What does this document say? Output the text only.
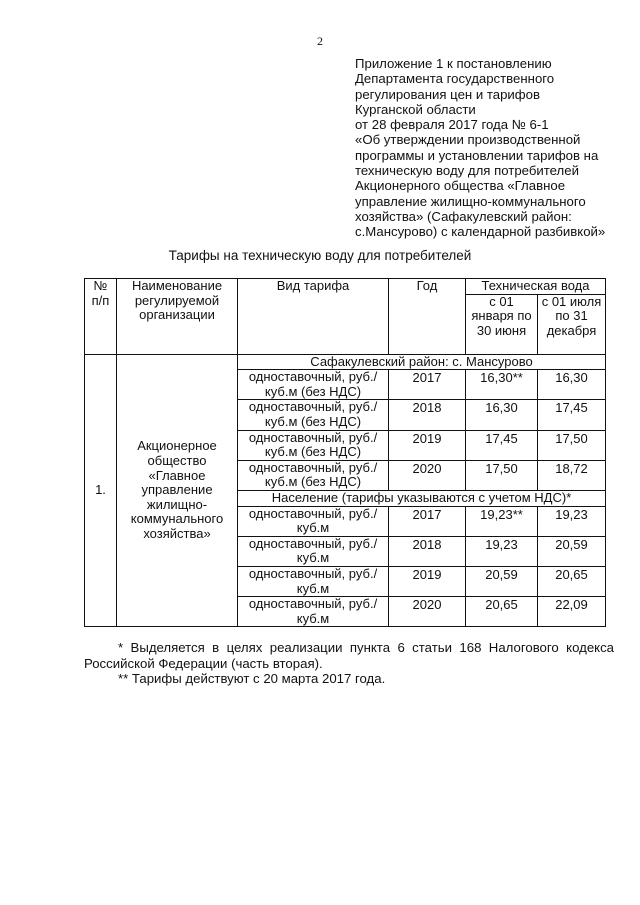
2
Приложение 1 к постановлению
Департамента государственного
регулирования цен и тарифов
Курганской области
от 28 февраля 2017 года № 6-1
«Об утверждении производственной
программы и установлении тарифов на
техническую воду для потребителей
Акционерного общества «Главное
управление жилищно-коммунального
хозяйства» (Сафакулевский район:
с.Мансурово) с календарной разбивкой»
Тарифы на техническую воду для потребителей
№ п/п	Наименование регулируемой организации	Вид тарифа	Год	Техническая вода	
				с 01 января по 30 июня	с 01 июля по 31 декабря
1.	Акционерное общество «Главное управление жилищно-коммунального хозяйства»	Сафакулевский район: с. Мансурово			
		одноставочный, руб./куб.м (без НДС)	2017	16,30**	16,30
		одноставочный, руб./куб.м (без НДС)	2018	16,30	17,45
		одноставочный, руб./куб.м (без НДС)	2019	17,45	17,50
		одноставочный, руб./куб.м (без НДС)	2020	17,50	18,72
		Население (тарифы указываются с учетом НДС)*			
		одноставочный, руб./куб.м	2017	19,23**	19,23
		одноставочный, руб./куб.м	2018	19,23	20,59
		одноставочный, руб./куб.м	2019	20,59	20,65
		одноставочный, руб./куб.м	2020	20,65	22,09

* Выделяется в целях реализации пункта 6 статьи 168 Налогового кодекса Российской Федерации (часть вторая).

** Тарифы действуют с 20 марта 2017 года.
